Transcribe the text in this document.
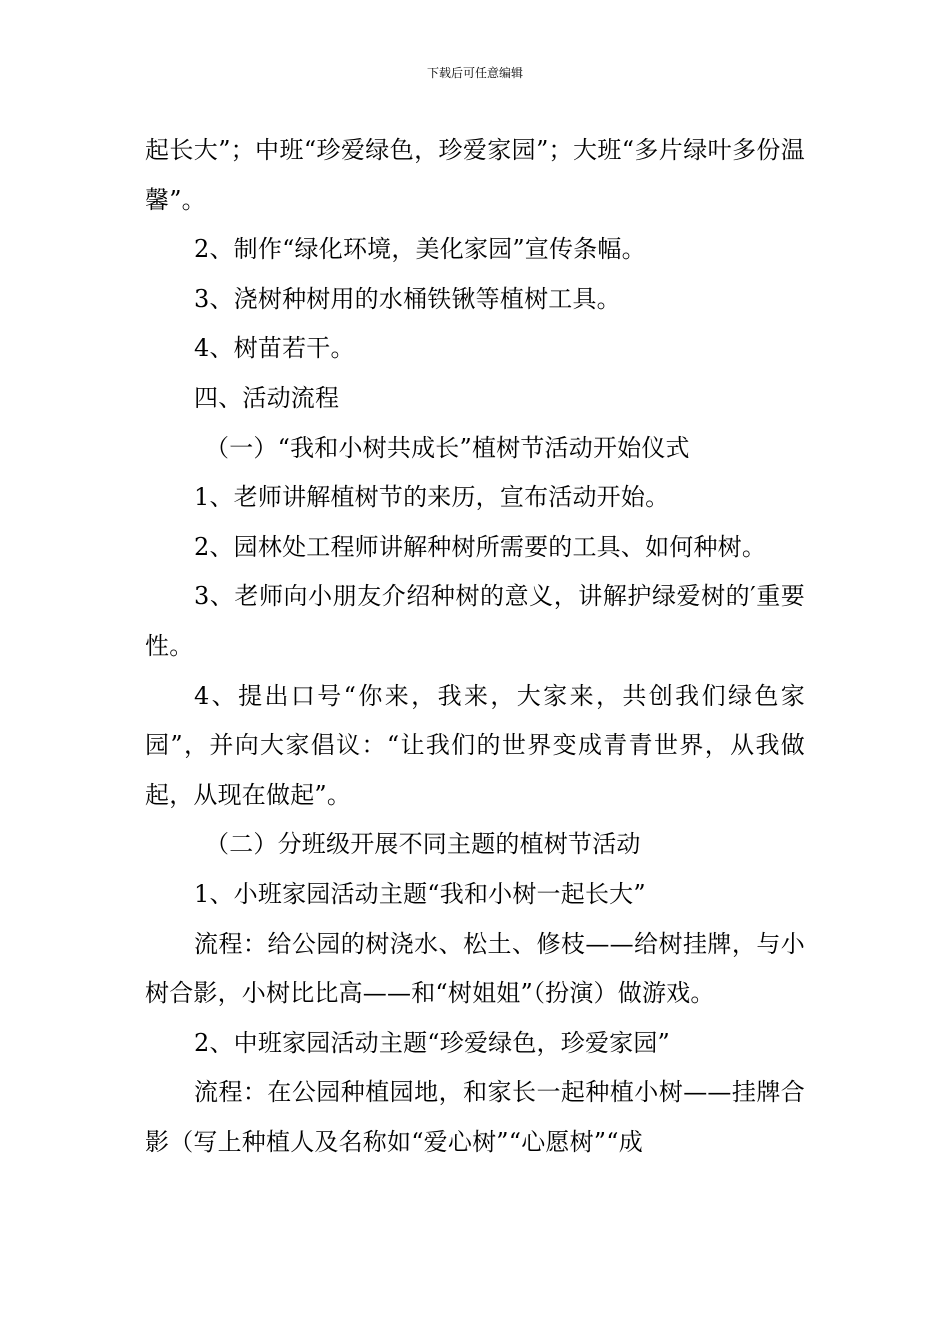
下载后可任意编辑

起长大”；中班“珍爱绿色，珍爱家园”；大班“多片绿叶多份温馨”。

2、制作“绿化环境，美化家园”宣传条幅。

3、浇树种树用的水桶铁锹等植树工具。

4、树苗若干。

四、活动流程

（一）“我和小树共成长”植树节活动开始仪式

1、老师讲解植树节的来历，宣布活动开始。

2、园林处工程师讲解种树所需要的工具、如何种树。

3、老师向小朋友介绍种树的意义，讲解护绿爱树的′重要性。

4、提出口号“你来，我来，大家来，共创我们绿色家园”，并向大家倡议：“让我们的世界变成青青世界，从我做起，从现在做起”。

（二）分班级开展不同主题的植树节活动

1、小班家园活动主题“我和小树一起长大”

流程：给公园的树浇水、松土、修枝——给树挂牌，与小树合影，小树比比高——和“树姐姐”（扮演）做游戏。

2、中班家园活动主题“珍爱绿色，珍爱家园”

流程：在公园种植园地，和家长一起种植小树——挂牌合影（写上种植人及名称如“爱心树”“心愿树”“成
